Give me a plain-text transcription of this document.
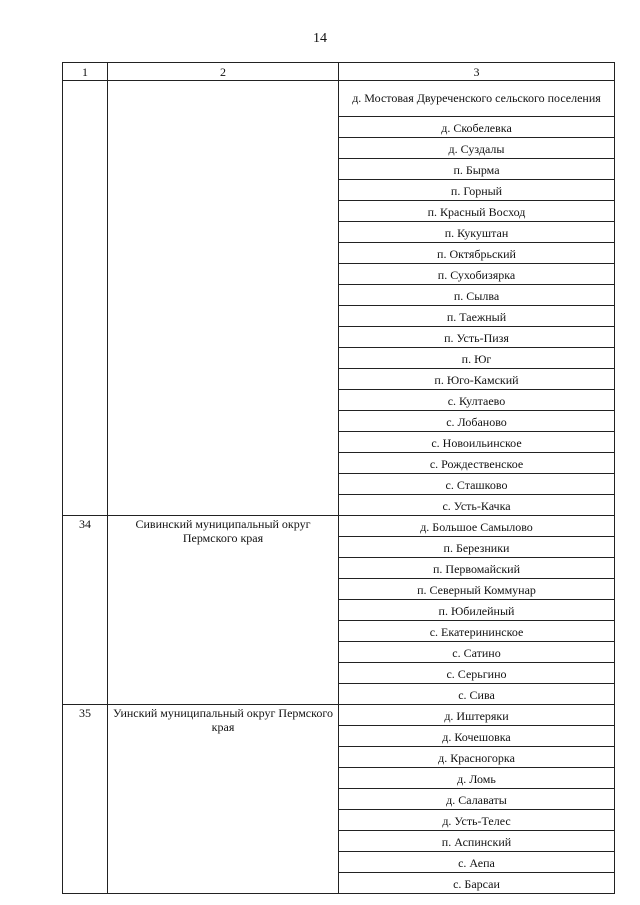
14
1	2	3
		д. Мостовая Двуреченского сельского поселения
		д. Скобелевка
		д. Суздалы
		п. Бырма
		п. Горный
		п. Красный Восход
		п. Кукуштан
		п. Октябрьский
		п. Сухобизярка
		п. Сылва
		п. Таежный
		п. Усть-Пизя
		п. Юг
		п. Юго-Камский
		с. Култаево
		с. Лобаново
		с. Новоильинское
		с. Рождественское
		с. Сташково
		с. Усть-Качка
34	Сивинский муниципальный округ Пермского края	д. Большое Самылово
		п. Березники
		п. Первомайский
		п. Северный Коммунар
		п. Юбилейный
		с. Екатерининское
		с. Сатино
		с. Серьгино
		с. Сива
35	Уинский муниципальный округ Пермского края	д. Иштеряки
		д. Кочешовка
		д. Красногорка
		д. Ломь
		д. Салаваты
		д. Усть-Телес
		п. Аспинский
		с. Аепа
		с. Барсаи
